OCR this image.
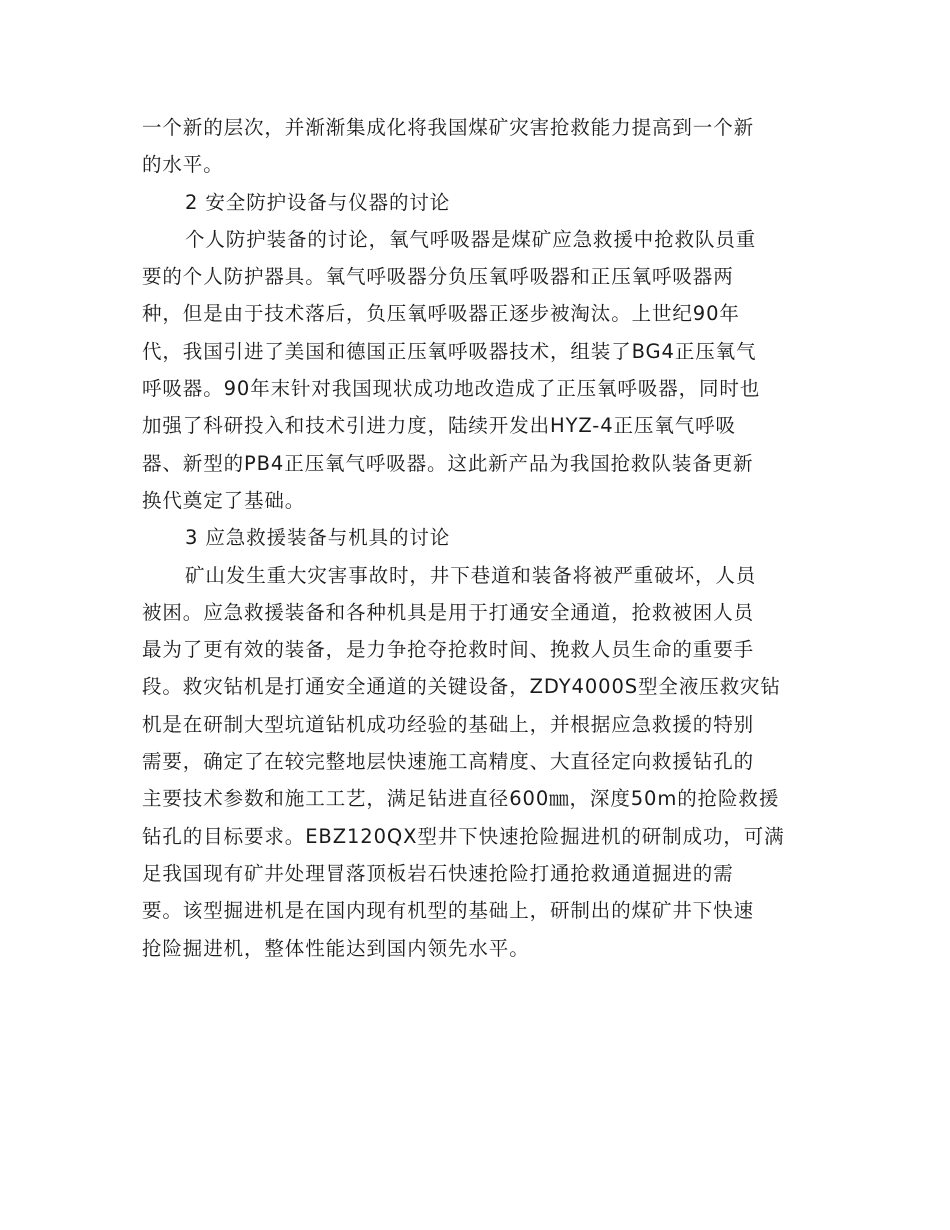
一个新的层次，并渐渐集成化将我国煤矿灾害抢救能力提高到一个新
的水平。
2 安全防护设备与仪器的讨论
个人防护装备的讨论，氧气呼吸器是煤矿应急救援中抢救队员重
要的个人防护器具。氧气呼吸器分负压氧呼吸器和正压氧呼吸器两
种，但是由于技术落后，负压氧呼吸器正逐步被淘汰。上世纪90年
代，我国引进了美国和德国正压氧呼吸器技术，组装了BG4正压氧气
呼吸器。90年末针对我国现状成功地改造成了正压氧呼吸器，同时也
加强了科研投入和技术引进力度，陆续开发出HYZ-4正压氧气呼吸
器、新型的PB4正压氧气呼吸器。这此新产品为我国抢救队装备更新
换代奠定了基础。
3 应急救援装备与机具的讨论
矿山发生重大灾害事故时，井下巷道和装备将被严重破坏，人员
被困。应急救援装备和各种机具是用于打通安全通道，抢救被困人员
最为了更有效的装备，是力争抢夺抢救时间、挽救人员生命的重要手
段。救灾钻机是打通安全通道的关键设备，ZDY4000S型全液压救灾钻
机是在研制大型坑道钻机成功经验的基础上，并根据应急救援的特别
需要，确定了在较完整地层快速施工高精度、大直径定向救援钻孔的
主要技术参数和施工工艺，满足钻进直径600㎜，深度50m的抢险救援
钻孔的目标要求。EBZ120QX型井下快速抢险掘进机的研制成功，可满
足我国现有矿井处理冒落顶板岩石快速抢险打通抢救通道掘进的需
要。该型掘进机是在国内现有机型的基础上，研制出的煤矿井下快速
抢险掘进机，整体性能达到国内领先水平。
